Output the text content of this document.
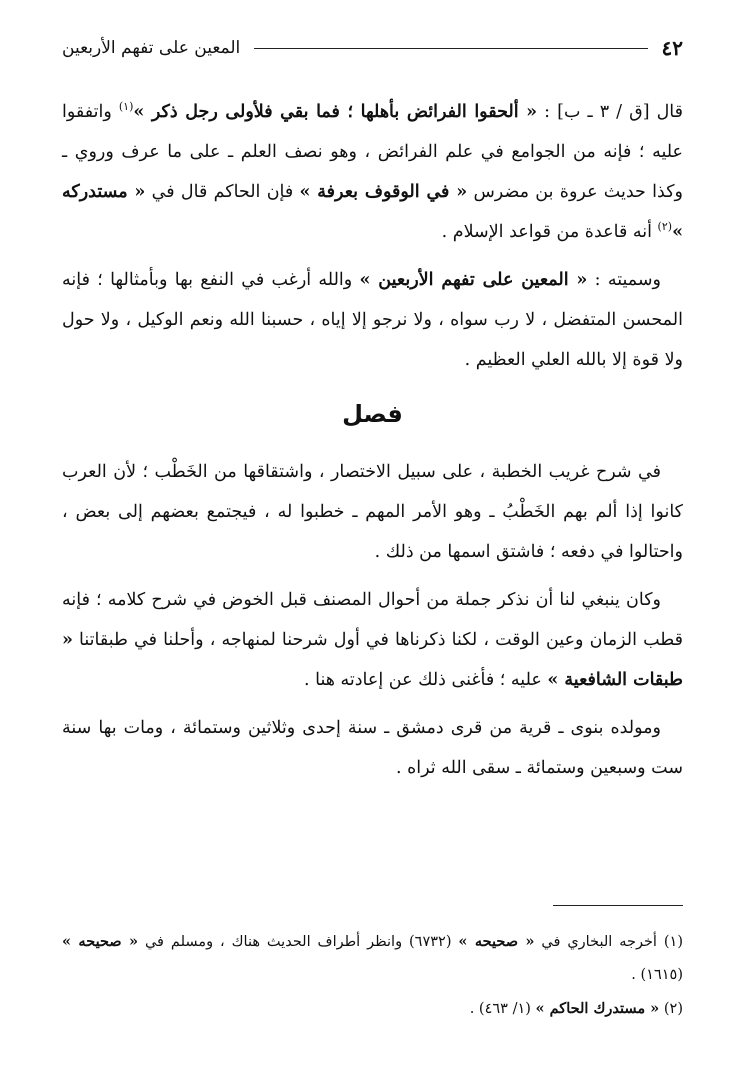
٤٢
المعين على تفهم الأربعين

قال [ق / ٣ ـ ب] : « ألحقوا الفرائض بأهلها ؛ فما بقي فلأولى رجل ذكر »$^{(١)}$ واتفقوا عليه ؛ فإنه من الجوامع في علم الفرائض ، وهو نصف العلم ـ على ما عرف وروي ـ وكذا حديث عروة بن مضرس « في الوقوف بعرفة » فإن الحاكم قال في « مستدركه »$^{(٢)}$ أنه قاعدة من قواعد الإسلام .

وسميته : « المعين على تفهم الأربعين » والله أرغب في النفع بها وبأمثالها ؛ فإنه المحسن المتفضل ، لا رب سواه ، ولا نرجو إلا إياه ، حسبنا الله ونعم الوكيل ، ولا حول ولا قوة إلا بالله العلي العظيم .

فصل

في شرح غريب الخطبة ، على سبيل الاختصار ، واشتقاقها من الخَطْب ؛ لأن العرب كانوا إذا ألم بهم الخَطْبُ ـ وهو الأمر المهم ـ خطبوا له ، فيجتمع بعضهم إلى بعض ، واحتالوا في دفعه ؛ فاشتق اسمها من ذلك .

وكان ينبغي لنا أن نذكر جملة من أحوال المصنف قبل الخوض في شرح كلامه ؛ فإنه قطب الزمان وعين الوقت ، لكنا ذكرناها في أول شرحنا لمنهاجه ، وأحلنا في طبقاتنا « طبقات الشافعية » عليه ؛ فأغنى ذلك عن إعادته هنا .

ومولده بنوى ـ قرية من قرى دمشق ـ سنة إحدى وثلاثين وستمائة ، ومات بها سنة ست وسبعين وستمائة ـ سقى الله ثراه .

(١) أخرجه البخاري في « صحيحه » (٦٧٣٢) وانظر أطراف الحديث هناك ، ومسلم في « صحيحه » (١٦١٥) .

(٢) « مستدرك الحاكم » (١/ ٤٦٣) .
